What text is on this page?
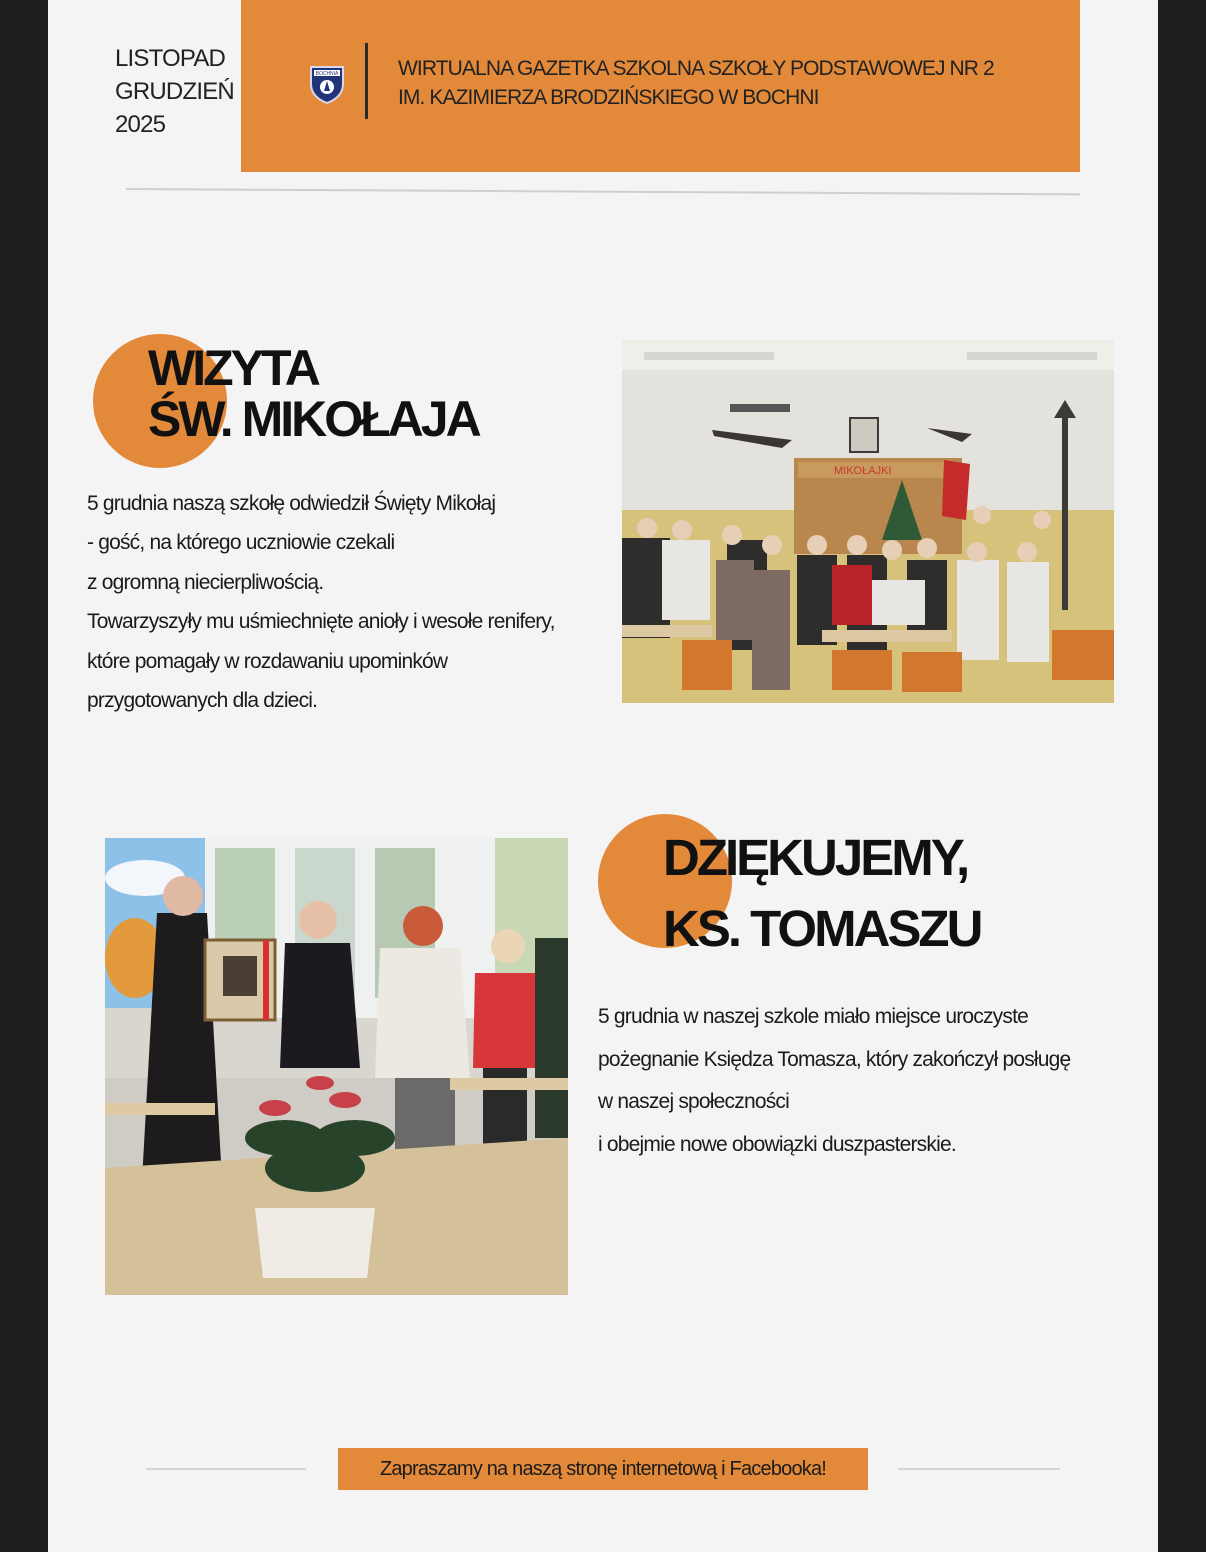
LISTOPAD
GRUDZIEŃ
2025
BOCHNIA	WIRTUALNA GAZETKA SZKOLNA SZKOŁY PODSTAWOWEJ NR 2
IM. KAZIMIERZA BRODZIŃSKIEGO W BOCHNI
WIZYTA
ŚW. MIKOŁAJA
5 grudnia naszą szkołę odwiedził Święty Mikołaj
- gość, na którego uczniowie czekali
z ogromną niecierpliwością.
Towarzyszyły mu uśmiechnięte anioły i wesołe renifery,
które pomagały w rozdawaniu upominków
przygotowanych dla dzieci.
MIKOŁAJKI
DZIĘKUJEMY,
KS. TOMASZU
5 grudnia w naszej szkole miało miejsce uroczyste
pożegnanie Księdza Tomasza, który zakończył posługę
w naszej społeczności
i obejmie nowe obowiązki duszpasterskie.
Zapraszamy na naszą stronę internetową i Facebooka!
